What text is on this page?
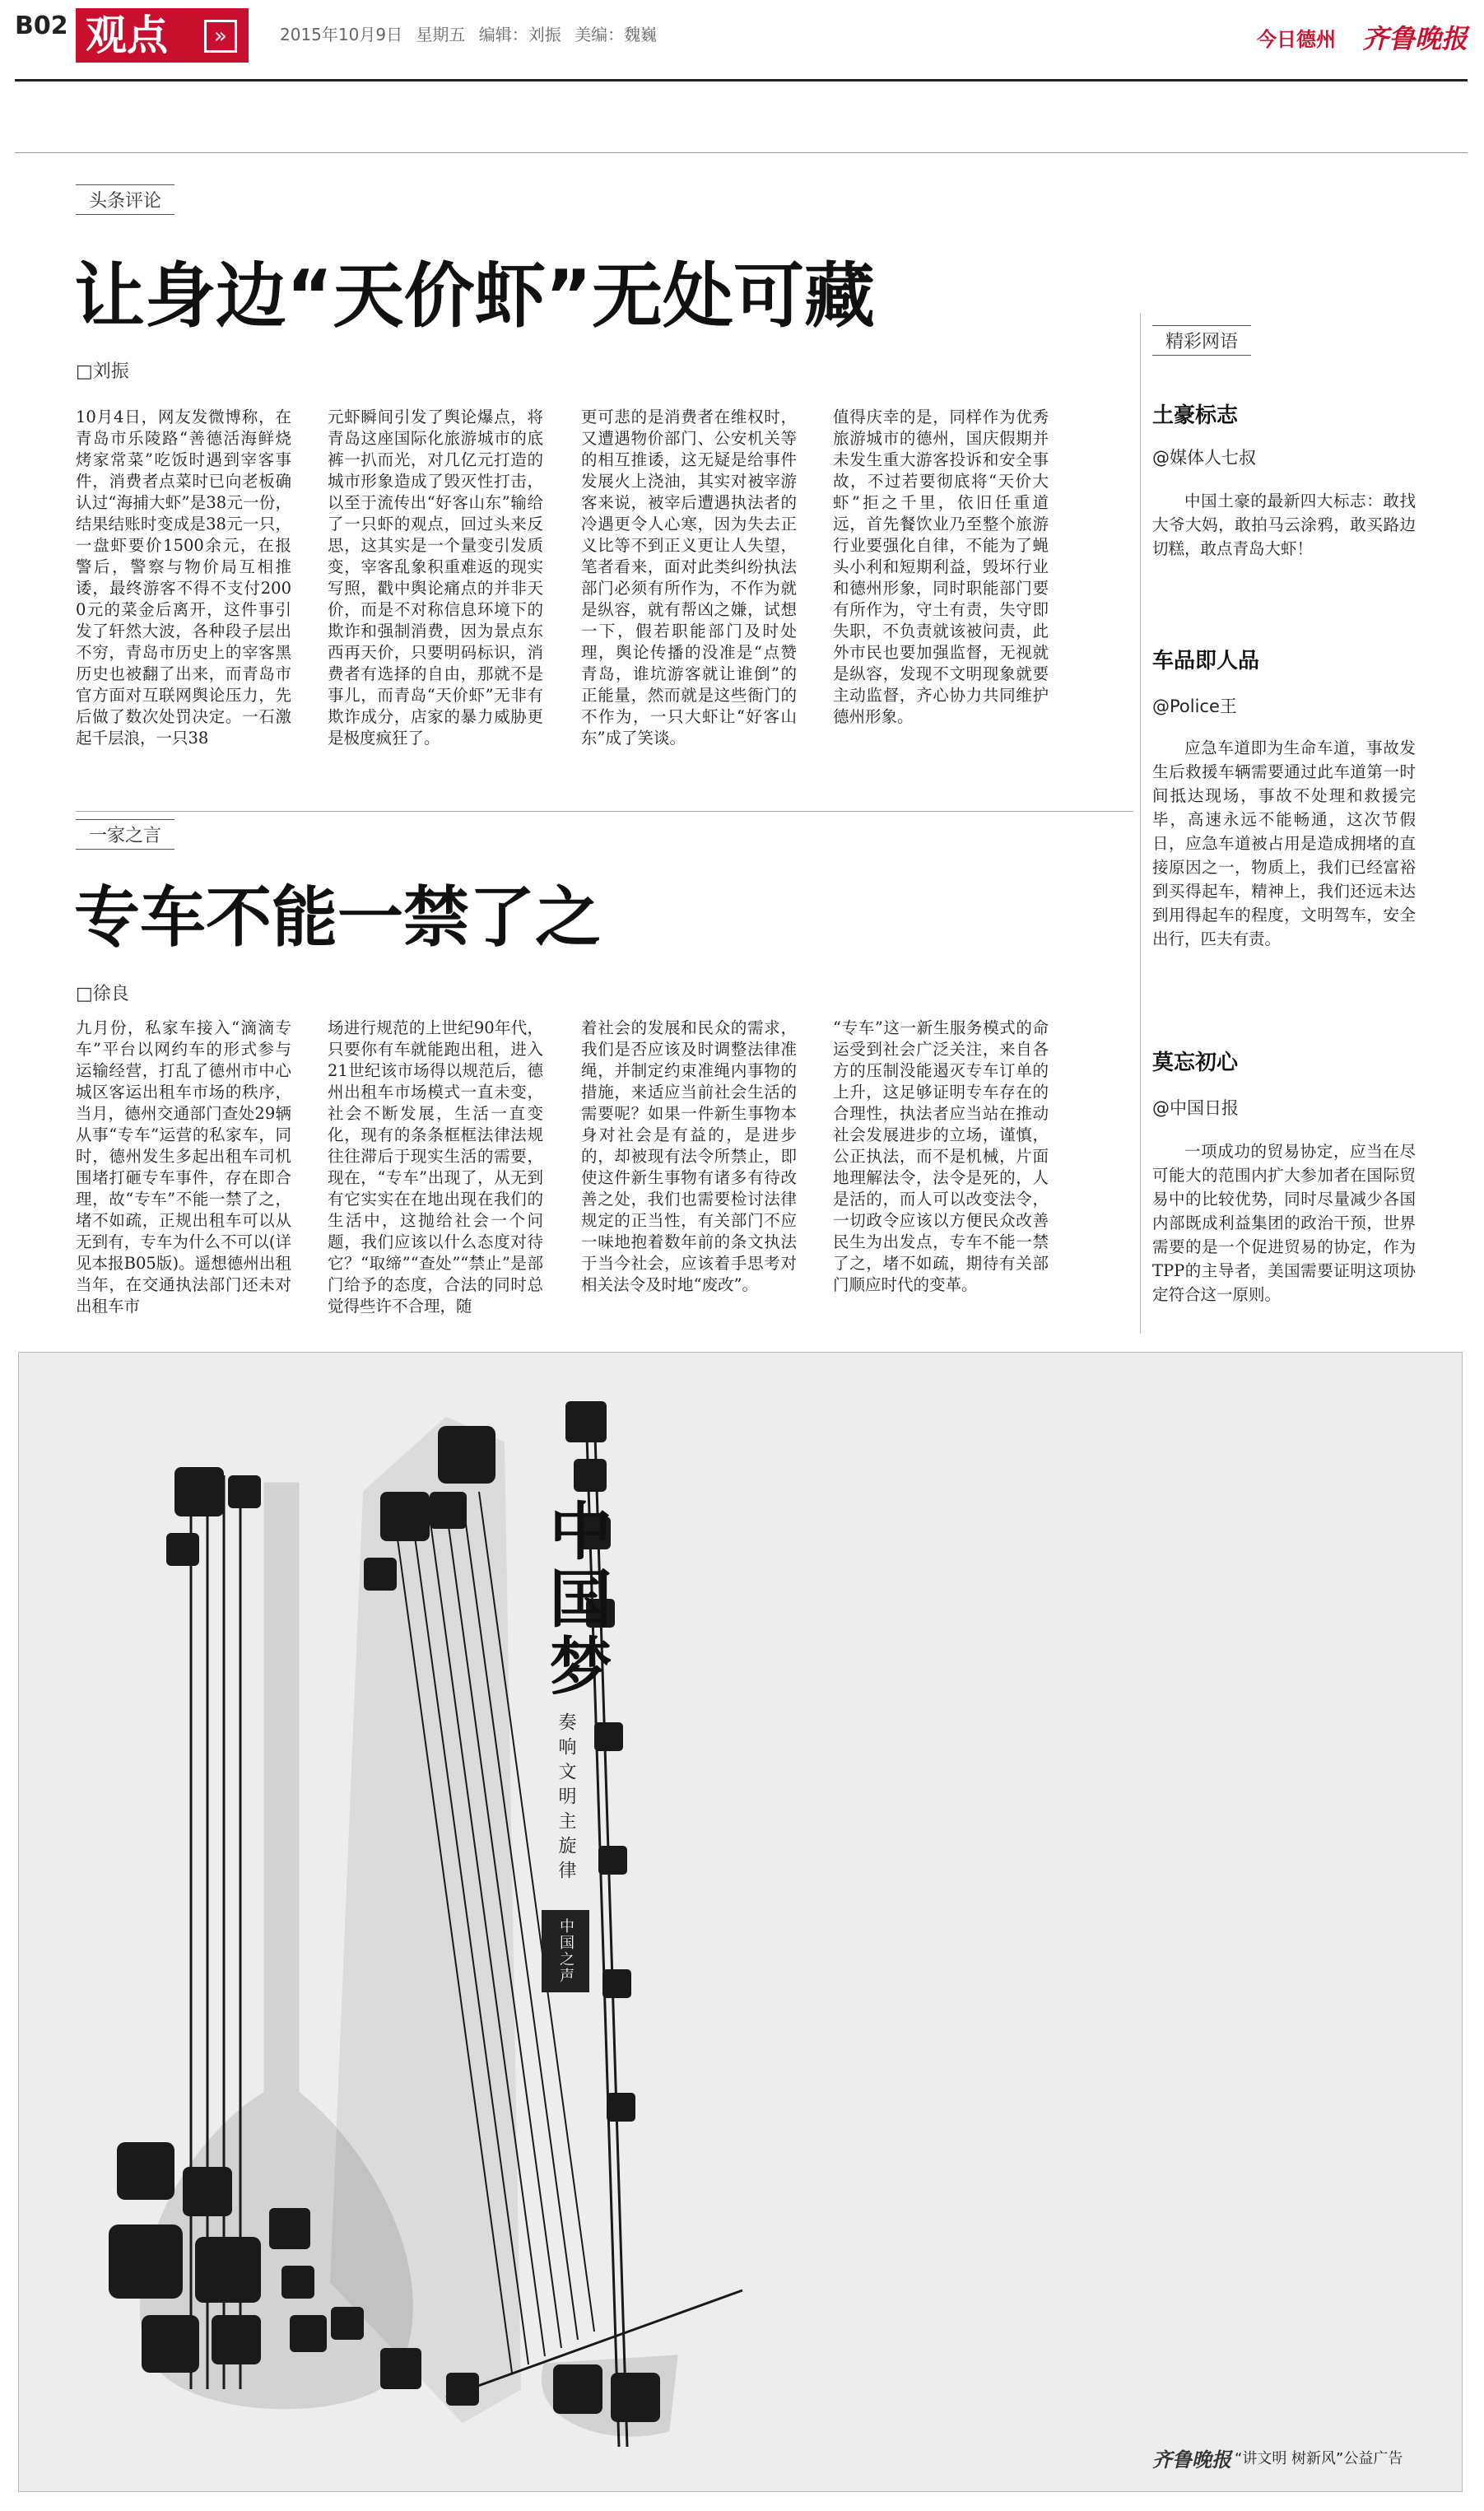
B02 观点	»	2015年10月9日 星期五 编辑：刘振 美编：魏巍	今日德州 齐鲁晚报
头条评论
让身边“天价虾”无处可藏
□刘振
10月4日，网友发微博称，在青岛市乐陵路“善德活海鲜烧烤家常菜”吃饭时遇到宰客事件，消费者点菜时已向老板确认过“海捕大虾”是38元一份，结果结账时变成是38元一只，一盘虾要价1500余元，在报警后，警察与物价局互相推诿，最终游客不得不支付2000元的菜金后离开，这件事引发了轩然大波，各种段子层出不穷，青岛市历史上的宰客黑历史也被翻了出来，而青岛市官方面对互联网舆论压力，先后做了数次处罚决定。一石激起千层浪，一只38
元虾瞬间引发了舆论爆点，将青岛这座国际化旅游城市的底裤一扒而光，对几亿元打造的城市形象造成了毁灭性打击，以至于流传出“好客山东”输给了一只虾的观点，回过头来反思，这其实是一个量变引发质变，宰客乱象积重难返的现实写照，戳中舆论痛点的并非天价，而是不对称信息环境下的欺诈和强制消费，因为景点东西再天价，只要明码标识，消费者有选择的自由，那就不是事儿，而青岛“天价虾”无非有欺诈成分，店家的暴力威胁更是极度疯狂了。
更可悲的是消费者在维权时，又遭遇物价部门、公安机关等的相互推诿，这无疑是给事件发展火上浇油，其实对被宰游客来说，被宰后遭遇执法者的冷遇更令人心寒，因为失去正义比等不到正义更让人失望，笔者看来，面对此类纠纷执法部门必须有所作为，不作为就是纵容，就有帮凶之嫌，试想一下，假若职能部门及时处理，舆论传播的没准是“点赞青岛，谁坑游客就让谁倒”的正能量，然而就是这些衙门的不作为，一只大虾让“好客山东”成了笑谈。
值得庆幸的是，同样作为优秀旅游城市的德州，国庆假期并未发生重大游客投诉和安全事故，不过若要彻底将“天价大虾”拒之千里，依旧任重道远，首先餐饮业乃至整个旅游行业要强化自律，不能为了蝇头小利和短期利益，毁坏行业和德州形象，同时职能部门要有所作为，守土有责，失守即失职，不负责就该被问责，此外市民也要加强监督，无视就是纵容，发现不文明现象就要主动监督，齐心协力共同维护德州形象。
一家之言
专车不能一禁了之
□徐良
九月份，私家车接入“滴滴专车”平台以网约车的形式参与运输经营，打乱了德州市中心城区客运出租车市场的秩序，当月，德州交通部门查处29辆从事“专车”运营的私家车，同时，德州发生多起出租车司机围堵打砸专车事件，存在即合理，故“专车”不能一禁了之，堵不如疏，正规出租车可以从无到有，专车为什么不可以(详见本报B05版)。遥想德州出租当年，在交通执法部门还未对出租车市
场进行规范的上世纪90年代，只要你有车就能跑出租，进入21世纪该市场得以规范后，德州出租车市场模式一直未变，社会不断发展，生活一直变化，现有的条条框框法律法规往往滞后于现实生活的需要，现在，“专车”出现了，从无到有它实实在在地出现在我们的生活中，这抛给社会一个问题，我们应该以什么态度对待它？“取缔”“查处”“禁止”是部门给予的态度，合法的同时总觉得些许不合理，随
着社会的发展和民众的需求，我们是否应该及时调整法律准绳，并制定约束准绳内事物的措施，来适应当前社会生活的需要呢？如果一件新生事物本身对社会是有益的，是进步的，却被现有法令所禁止，即使这件新生事物有诸多有待改善之处，我们也需要检讨法律规定的正当性，有关部门不应一味地抱着数年前的条文执法于当今社会，应该着手思考对相关法令及时地“废改”。
“专车”这一新生服务模式的命运受到社会广泛关注，来自各方的压制没能遏灭专车订单的上升，这足够证明专车存在的合理性，执法者应当站在推动社会发展进步的立场，谨慎，公正执法，而不是机械，片面地理解法令，法令是死的，人是活的，而人可以改变法令，一切政令应该以方便民众改善民生为出发点，专车不能一禁了之，堵不如疏，期待有关部门顺应时代的变革。
精彩网语
土豪标志
@媒体人七叔
中国土豪的最新四大标志：敢找大爷大妈，敢拍马云涂鸦，敢买路边切糕，敢点青岛大虾！
车品即人品
@Police王
应急车道即为生命车道，事故发生后救援车辆需要通过此车道第一时间抵达现场，事故不处理和救援完毕，高速永远不能畅通，这次节假日，应急车道被占用是造成拥堵的直接原因之一，物质上，我们已经富裕到买得起车，精神上，我们还远未达到用得起车的程度，文明驾车，安全出行，匹夫有责。
莫忘初心
@中国日报
一项成功的贸易协定，应当在尽可能大的范围内扩大参加者在国际贸易中的比较优势，同时尽量减少各国内部既成利益集团的政治干预，世界需要的是一个促进贸易的协定，作为TPP的主导者，美国需要证明这项协定符合这一原则。
中国梦
奏响文明主旋律
中国之声
齐鲁晚报 “讲文明 树新风”公益广告
